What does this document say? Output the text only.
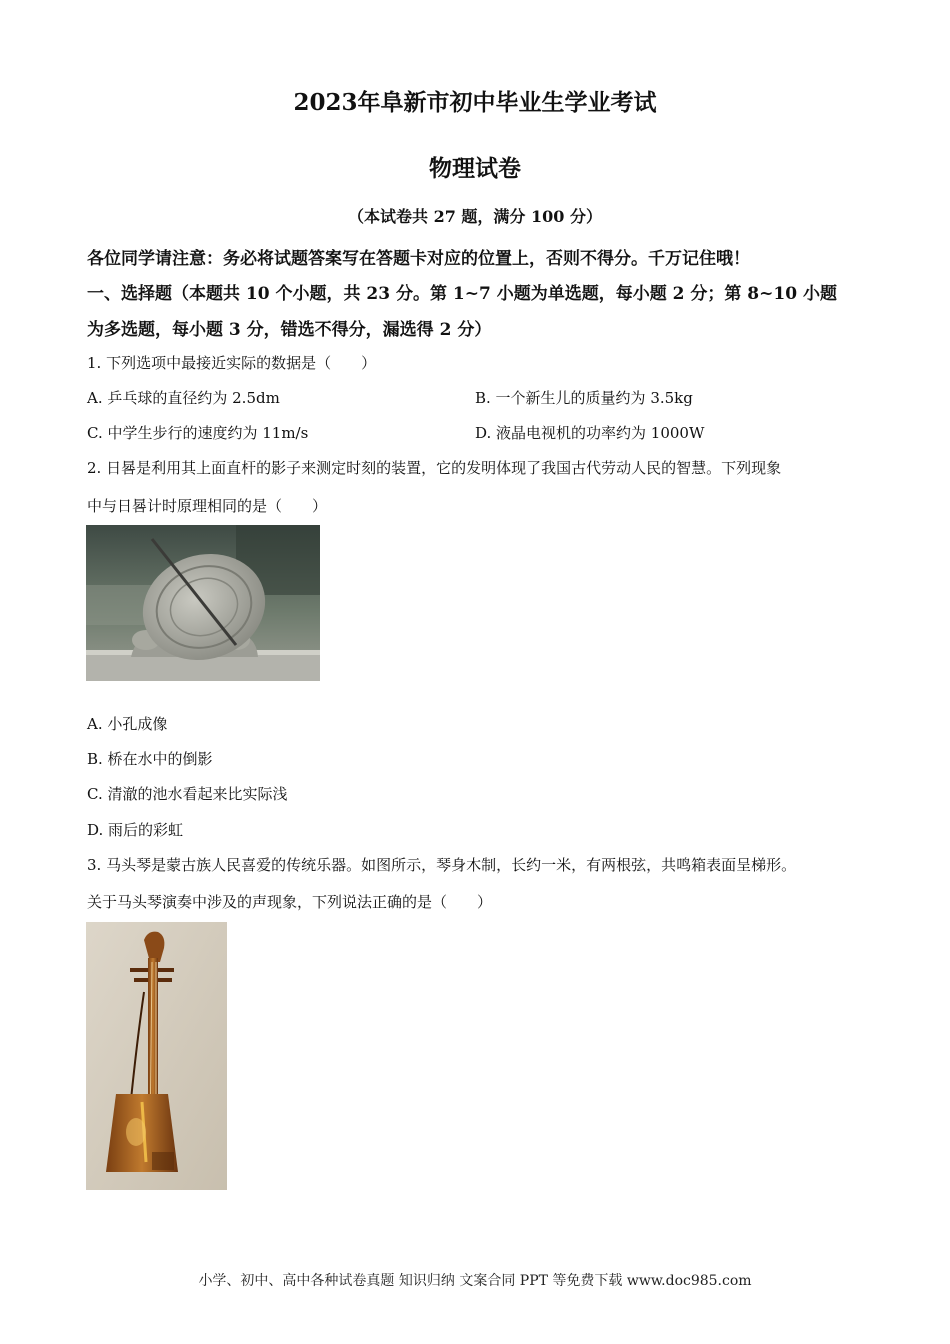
2023年阜新市初中毕业生学业考试
物理试卷
（本试卷共 27 题，满分 100 分）
各位同学请注意：务必将试题答案写在答题卡对应的位置上，否则不得分。千万记住哦！
一、选择题（本题共 10 个小题，共 23 分。第 1~7 小题为单选题，每小题 2 分；第 8~10 小题
为多选题，每小题 3 分，错选不得分，漏选得 2 分）
1. 下列选项中最接近实际的数据是（　　）
A. 乒乓球的直径约为 2.5dm	B. 一个新生儿的质量约为 3.5kg
C. 中学生步行的速度约为 11m/s	D. 液晶电视机的功率约为 1000W
2. 日晷是利用其上面直杆的影子来测定时刻的装置，它的发明体现了我国古代劳动人民的智慧。下列现象
中与日晷计时原理相同的是（　　）
A. 小孔成像
B. 桥在水中的倒影
C. 清澈的池水看起来比实际浅
D. 雨后的彩虹
3. 马头琴是蒙古族人民喜爱的传统乐器。如图所示，琴身木制，长约一米，有两根弦，共鸣箱表面呈梯形。
关于马头琴演奏中涉及的声现象，下列说法正确的是（　　）
小学、初中、高中各种试卷真题 知识归纳 文案合同 PPT 等免费下载 www.doc985.com
